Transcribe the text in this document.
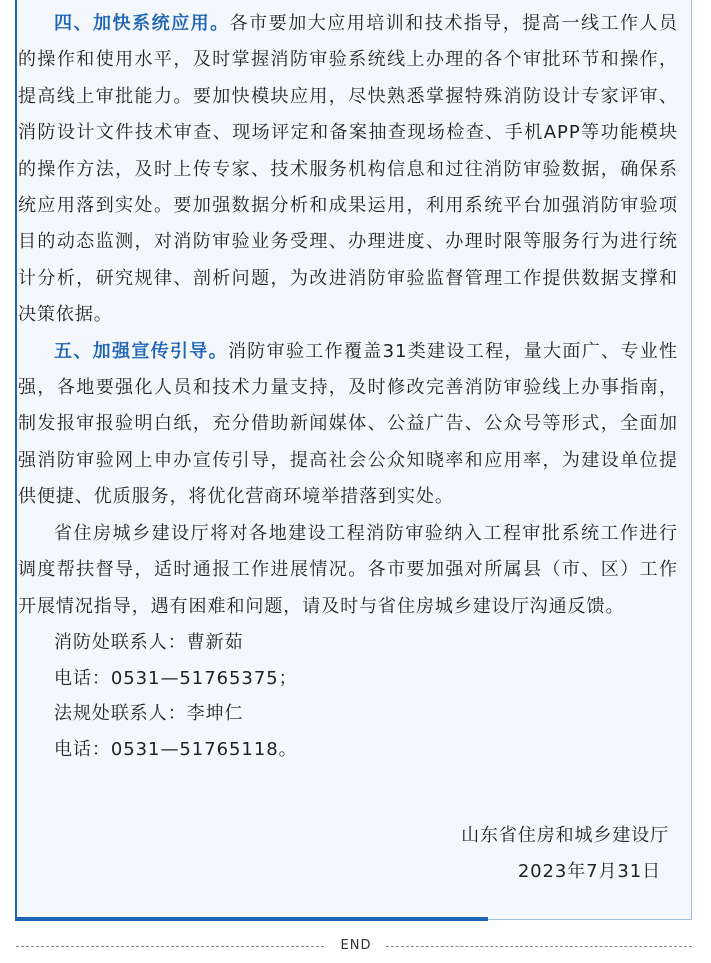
四、加快系统应用。各市要加大应用培训和技术指导，提高一线工作人员的操作和使用水平，及时掌握消防审验系统线上办理的各个审批环节和操作，提高线上审批能力。要加快模块应用，尽快熟悉掌握特殊消防设计专家评审、消防设计文件技术审查、现场评定和备案抽查现场检查、手机APP等功能模块的操作方法，及时上传专家、技术服务机构信息和过往消防审验数据，确保系统应用落到实处。要加强数据分析和成果运用，利用系统平台加强消防审验项目的动态监测，对消防审验业务受理、办理进度、办理时限等服务行为进行统计分析，研究规律、剖析问题，为改进消防审验监督管理工作提供数据支撑和决策依据。

五、加强宣传引导。消防审验工作覆盖31类建设工程，量大面广、专业性强，各地要强化人员和技术力量支持，及时修改完善消防审验线上办事指南，制发报审报验明白纸，充分借助新闻媒体、公益广告、公众号等形式，全面加强消防审验网上申办宣传引导，提高社会公众知晓率和应用率，为建设单位提供便捷、优质服务，将优化营商环境举措落到实处。

省住房城乡建设厅将对各地建设工程消防审验纳入工程审批系统工作进行调度帮扶督导，适时通报工作进展情况。各市要加强对所属县（市、区）工作开展情况指导，遇有困难和问题，请及时与省住房城乡建设厅沟通反馈。

消防处联系人：曹新茹

电话：0531—51765375；

法规处联系人：李坤仁

电话：0531—51765118。

山东省住房和城乡建设厅
2023年7月31日
END
